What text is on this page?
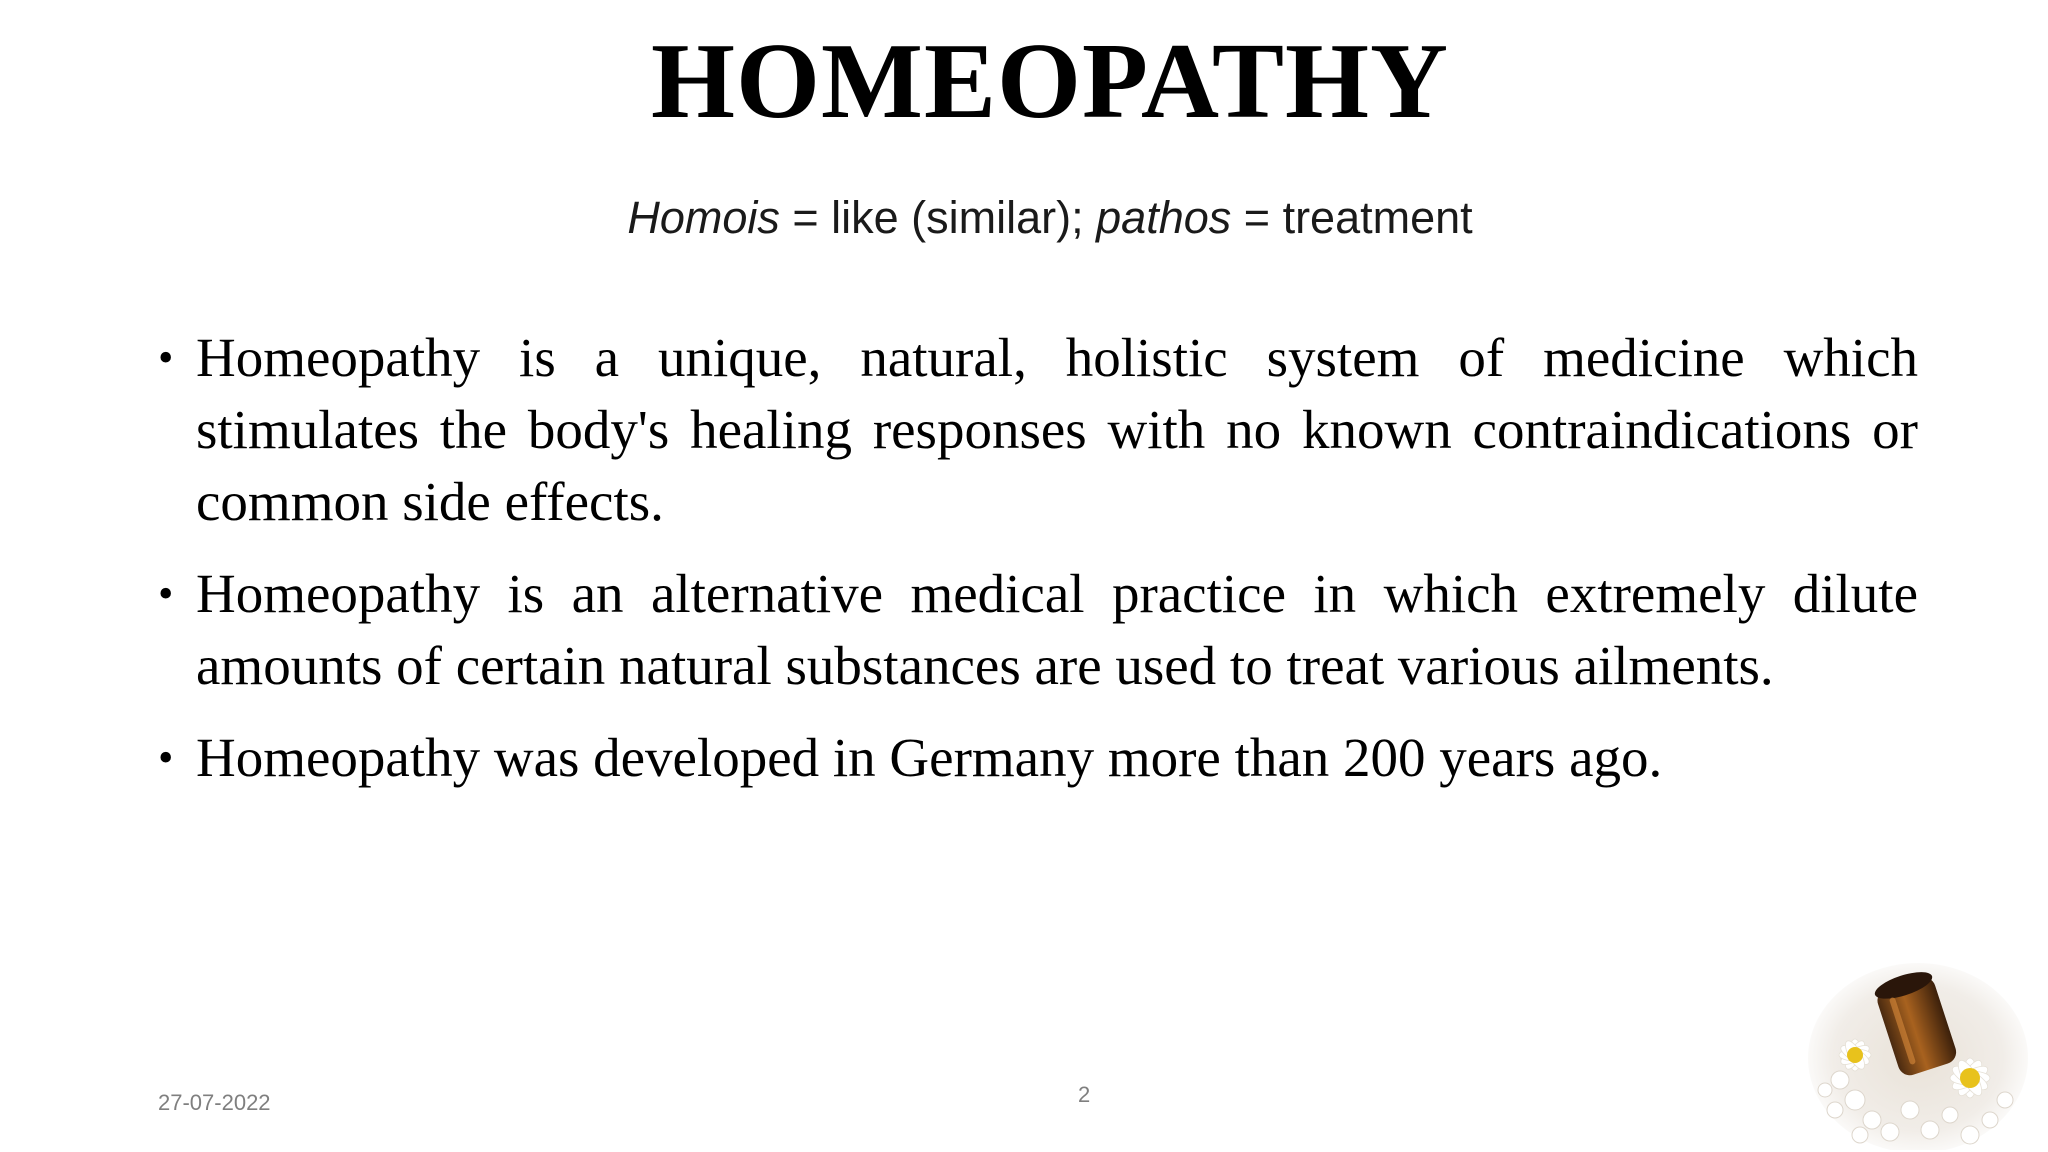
HOMEOPATHY
Homois = like (similar); pathos = treatment
• Homeopathy is a unique, natural, holistic system of medicine which stimulates the body's healing responses with no known contraindications or common side effects.
• Homeopathy is an alternative medical practice in which extremely dilute amounts of certain natural substances are used to treat various ailments.
• Homeopathy was developed in Germany more than 200 years ago.
27-07-2022	2
